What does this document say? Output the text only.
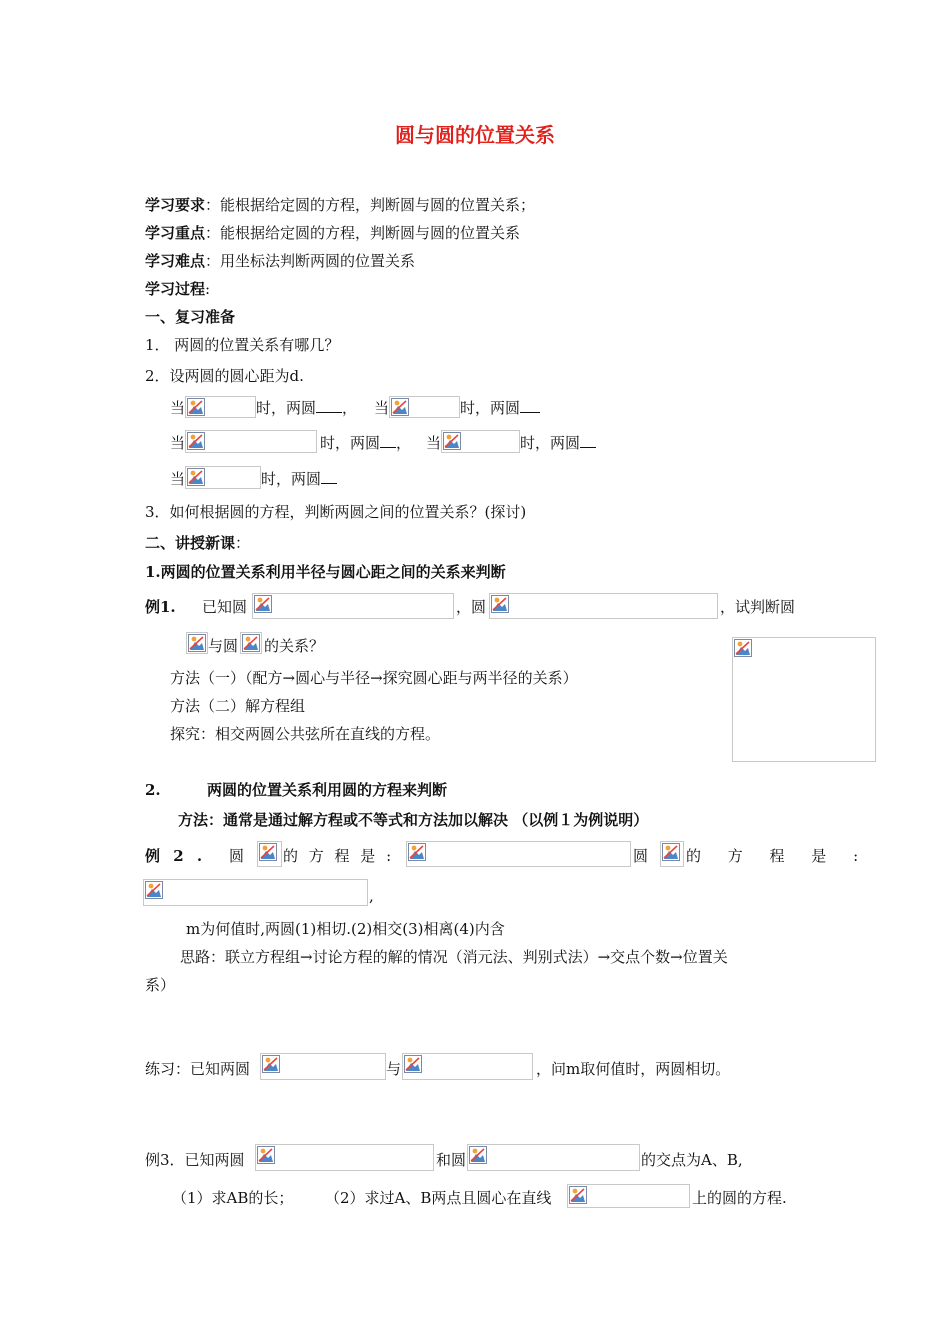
圆与圆的位置关系
学习要求：能根据给定圆的方程，判断圆与圆的位置关系；
学习重点：能根据给定圆的方程，判断圆与圆的位置关系
学习难点：用坐标法判断两圆的位置关系
学习过程:
一、复习准备
1． 两圆的位置关系有哪几？
2．设两圆的圆心距为d.
当	时，两圆 ， 当	时，两圆
当	时，两圆 ， 当	时，两圆
当	时，两圆
3．如何根据圆的方程，判断两圆之间的位置关系？(探讨)
二、讲授新课：
1.两圆的位置关系利用半径与圆心距之间的关系来判断
例1. 已知圆	，圆	，试判断圆
与圆 的关系？
方法（一）（配方→圆心与半径→探究圆心距与两半径的关系）
方法（二）解方程组
探究：相交两圆公共弦所在直线的方程。
2.	两圆的位置关系利用圆的方程来判断
方法：通常是通过解方程或不等式和方法加以解决 （以例１为例说明）
例 2 . 圆	的 方 程 是 :	圆	的 方 程 是 :
,
m为何值时,两圆(1)相切.(2)相交(3)相离(4)内含
思路：联立方程组→讨论方程的解的情况（消元法、判别式法）→交点个数→位置关
系）
练习：已知两圆	与	，问m取何值时，两圆相切。
例3．已知两圆	和圆	的交点为A、B,
（1）求AB的长； （2）求过A、B两点且圆心在直线	上的圆的方程.
